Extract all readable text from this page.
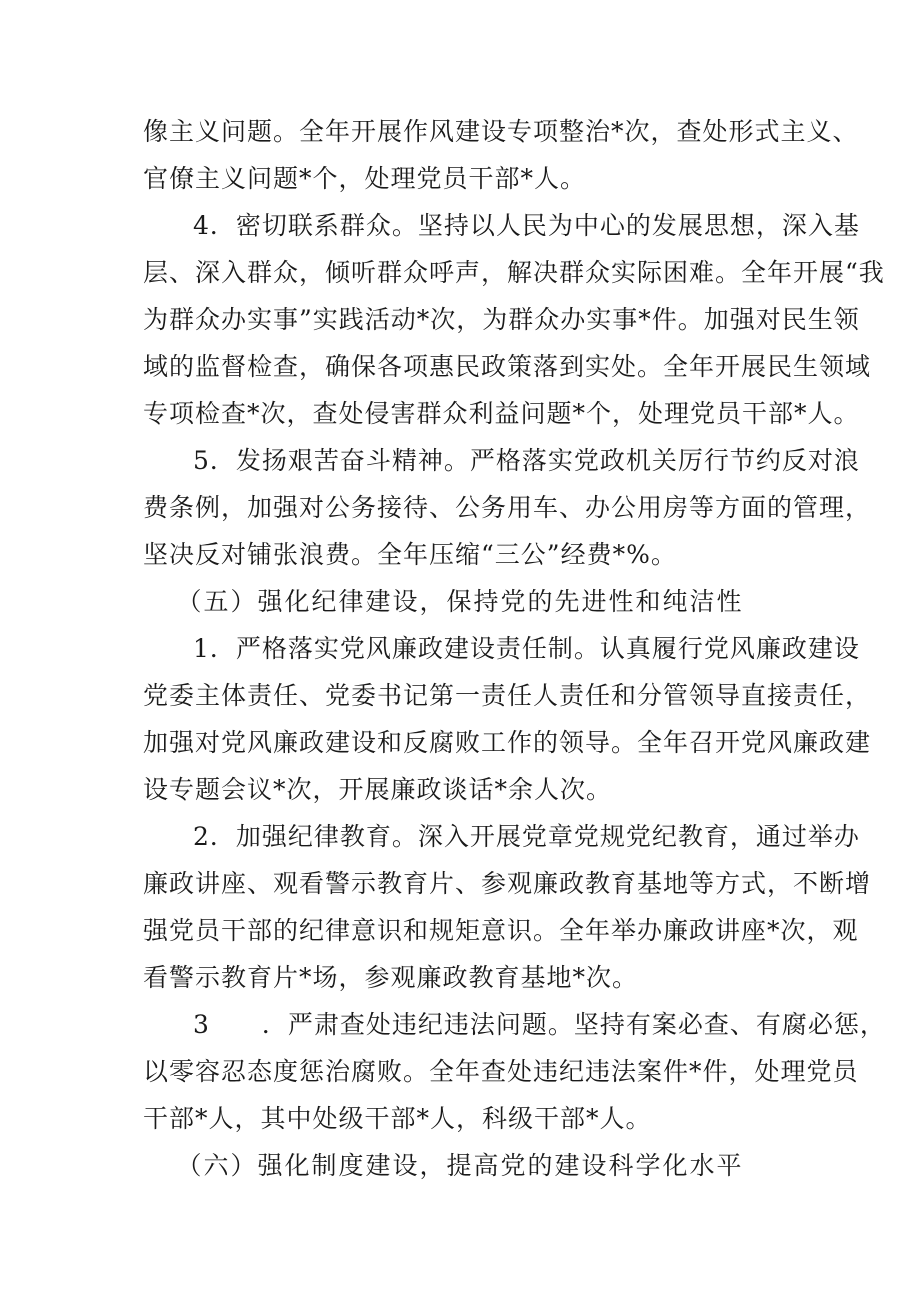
像主义问题。全年开展作风建设专项整治*次，查处形式主义、
官僚主义问题*个，处理党员干部*人。
4．密切联系群众。坚持以人民为中心的发展思想，深入基
层、深入群众，倾听群众呼声，解决群众实际困难。全年开展“我
为群众办实事”实践活动*次，为群众办实事*件。加强对民生领
域的监督检查，确保各项惠民政策落到实处。全年开展民生领域
专项检查*次，查处侵害群众利益问题*个，处理党员干部*人。
5．发扬艰苦奋斗精神。严格落实党政机关厉行节约反对浪
费条例，加强对公务接待、公务用车、办公用房等方面的管理，
坚决反对铺张浪费。全年压缩“三公”经费*%。
（五）强化纪律建设，保持党的先进性和纯洁性
1．严格落实党风廉政建设责任制。认真履行党风廉政建设
党委主体责任、党委书记第一责任人责任和分管领导直接责任，
加强对党风廉政建设和反腐败工作的领导。全年召开党风廉政建
设专题会议*次，开展廉政谈话*余人次。
2．加强纪律教育。深入开展党章党规党纪教育，通过举办
廉政讲座、观看警示教育片、参观廉政教育基地等方式，不断增
强党员干部的纪律意识和规矩意识。全年举办廉政讲座*次，观
看警示教育片*场，参观廉政教育基地*次。
3　　．严肃查处违纪违法问题。坚持有案必查、有腐必惩，
以零容忍态度惩治腐败。全年查处违纪违法案件*件，处理党员
干部*人，其中处级干部*人，科级干部*人。
（六）强化制度建设，提高党的建设科学化水平
